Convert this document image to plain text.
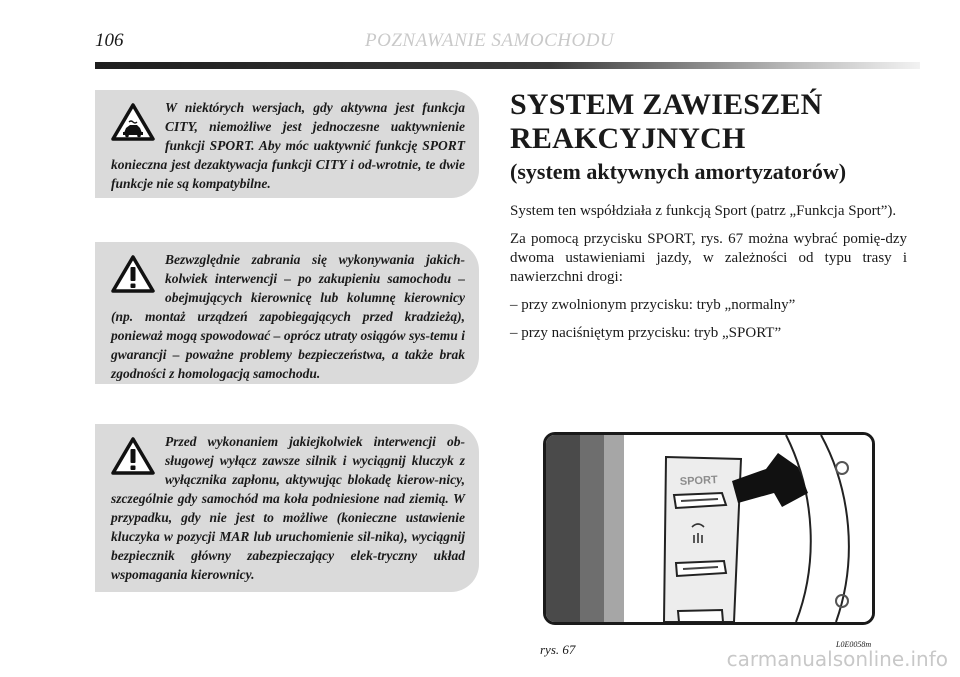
106	POZNAWANIE SAMOCHODU
W niektórych wersjach, gdy aktywna jest funkcja CITY, niemożliwe jest jednoczesne uaktywnienie funkcji SPORT. Aby móc uaktywnić funkcję SPORT konieczna jest dezaktywacja funkcji CITY i od-wrotnie, te dwie funkcje nie są kompatybilne.
Bezwzględnie zabrania się wykonywania jakich-kolwiek interwencji – po zakupieniu samochodu – obejmujących kierownicę lub kolumnę kierownicy (np. montaż urządzeń zapobiegających przed kradzieżą), ponieważ mogą spowodować – oprócz utraty osiągów sys-temu i gwarancji – poważne problemy bezpieczeństwa, a także brak zgodności z homologacją samochodu.
Przed wykonaniem jakiejkolwiek interwencji ob-sługowej wyłącz zawsze silnik i wyciągnij kluczyk z wyłącznika zapłonu, aktywując blokadę kierow-nicy, szczególnie gdy samochód ma koła podniesione nad ziemią. W przypadku, gdy nie jest to możliwe (konieczne ustawienie kluczyka w pozycji MAR lub uruchomienie sil-nika), wyciągnij bezpiecznik główny zabezpieczający elek-tryczny układ wspomagania kierownicy.
SYSTEM ZAWIESZEŃ
REAKCYJNYCH
(system aktywnych amortyzatorów)

System ten współdziała z funkcją Sport (patrz „Funkcja Sport”).

Za pomocą przycisku SPORT, rys. 67 można wybrać pomię-dzy dwoma ustawieniami jazdy, w zależności od typu trasy i nawierzchni drogi:

– przy zwolnionym przycisku: tryb „normalny”

– przy naciśniętym przycisku: tryb „SPORT”

SPORT
rys. 67	L0E0058m
carmanualsonline.info
